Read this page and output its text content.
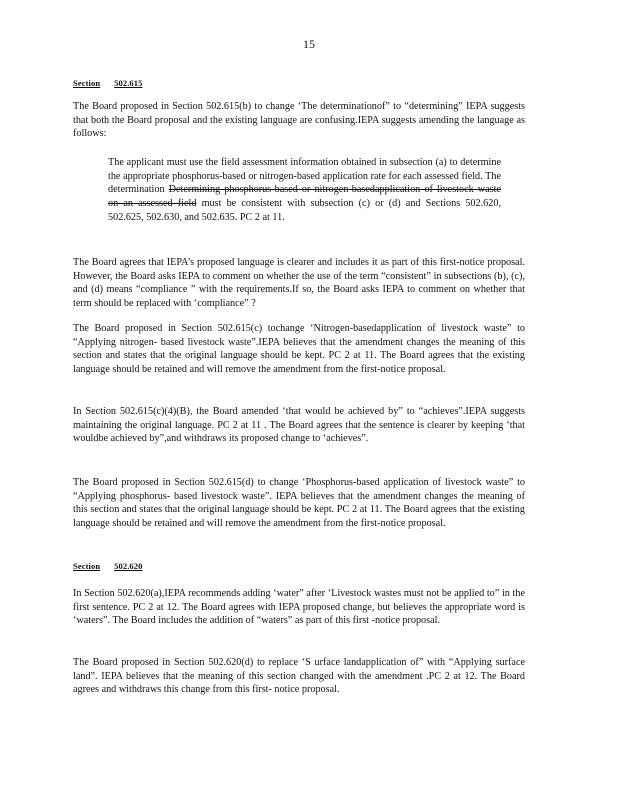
15
Section 502.615
The Board proposed in Section 502.615(b) to change ‘The determinationof” to “determining” IEPA suggests that both the Board proposal and the existing language are confusing.IEPA suggests amending the language as follows:
The applicant must use the field assessment information obtained in subsection (a) to determine the appropriate phosphorus-based or nitrogen-based application rate for each assessed field. The determination Determining phosphorus-based or nitrogen-basedapplication of livestock waste on an assessed field must be consistent with subsection (c) or (d) and Sections 502.620, 502.625, 502.630, and 502.635. PC 2 at 11.
The Board agrees that IEPA’s proposed language is clearer and includes it as part of this first-notice proposal. However, the Board asks IEPA to comment on whether the use of the term “consistent” in subsections (b), (c), and (d) means “compliance ” with the requirements.If so, the Board asks IEPA to comment on whether that term should be replaced with ‘compliance” ?
The Board proposed in Section 502.615(c) tochange ‘Nitrogen-basedapplication of livestock waste” to “Applying nitrogen- based livestock waste”.IEPA believes that the amendment changes the meaning of this section and states that the original language should be kept. PC 2 at 11. The Board agrees that the existing language should be retained and will remove the amendment from the first-notice proposal.
In Section 502.615(c)(4)(B), the Board amended ‘that would be achieved by” to “achieves”.IEPA suggests maintaining the original language. PC 2 at 11 . The Board agrees that the sentence is clearer by keeping ‘that wouldbe achieved by”,and withdraws its proposed change to ‘achieves”.
The Board proposed in Section 502.615(d) to change ‘Phosphorus-based application of livestock waste” to “Applying phosphorus- based livestock waste”. IEPA believes that the amendment changes the meaning of this section and states that the original language should be kept. PC 2 at 11. The Board agrees that the existing language should be retained and will remove the amendment from the first-notice proposal.
Section 502.620
In Section 502.620(a),IEPA recommends adding ‘water” after ‘Livestock wastes must not be applied to” in the first sentence. PC 2 at 12. The Board agrees with IEPA proposed change, but believes the appropriate word is ‘waters”. The Board includes the addition of “waters” as part of this first -notice proposal.
The Board proposed in Section 502.620(d) to replace ‘S urface landapplication of” with “Applying surface land”. IEPA believes that the meaning of this section changed with the amendment .PC 2 at 12. The Board agrees and withdraws this change from this first- notice proposal.
